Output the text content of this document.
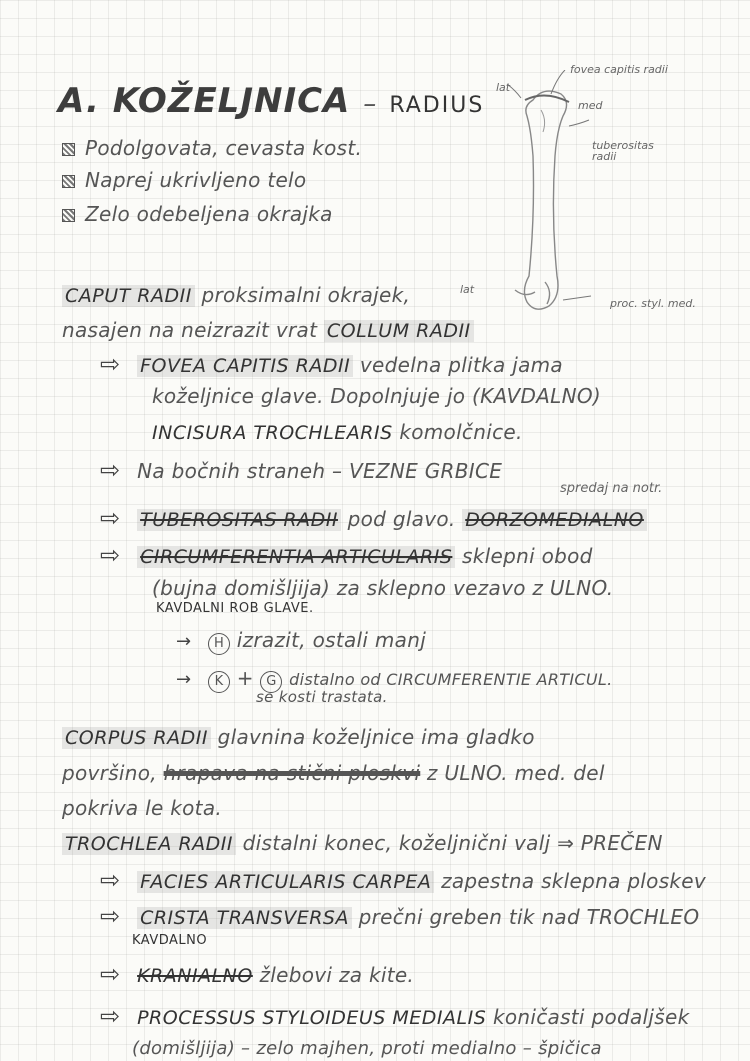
A. KOŽELJNICA – RADIUS
Podolgovata, cevasta kost.
Naprej ukrivljeno telo
Zelo odebeljena okrajka
lat
fovea capitis radii
med
tuberositas radii
lat
proc. styl. med.
CAPUT RADII proksimalni okrajek,
nasajen na neizrazit vrat COLLUM RADII
⇨ FOVEA CAPITIS RADII vedelna plitka jama
koželjnice glave. Dopolnjuje jo (KAVDALNO)
INCISURA TROCHLEARIS komolčnice.
⇨ Na bočnih straneh – VEZNE GRBICE
spredaj na notr.
⇨ TUBEROSITAS RADII pod glavo. DORZOMEDIALNO
⇨ CIRCUMFERENTIA ARTICULARIS sklepni obod
(bujna domišljija) za sklepno vezavo z ULNO.
KAVDALNI ROB GLAVE.
→ H izrazit, ostali manj
→ K + G distalno od CIRCUMFERENTIE ARTICUL.
se kosti trastata.
CORPUS RADII glavnina koželjnice ima gladko
površino, hrapava na stični ploskvi z ULNO. med. del
pokriva le kota.
TROCHLEA RADII distalni konec, koželjnični valj ⇒ PREČEN
⇨ FACIES ARTICULARIS CARPEA zapestna sklepna ploskev
⇨ CRISTA TRANSVERSA prečni greben tik nad TROCHLEO
KAVDALNO
⇨ KRANIALNO žlebovi za kite.
⇨ PROCESSUS STYLOIDEUS MEDIALIS koničasti podaljšek
(domišljija) – zelo majhen, proti medialno – špičica
